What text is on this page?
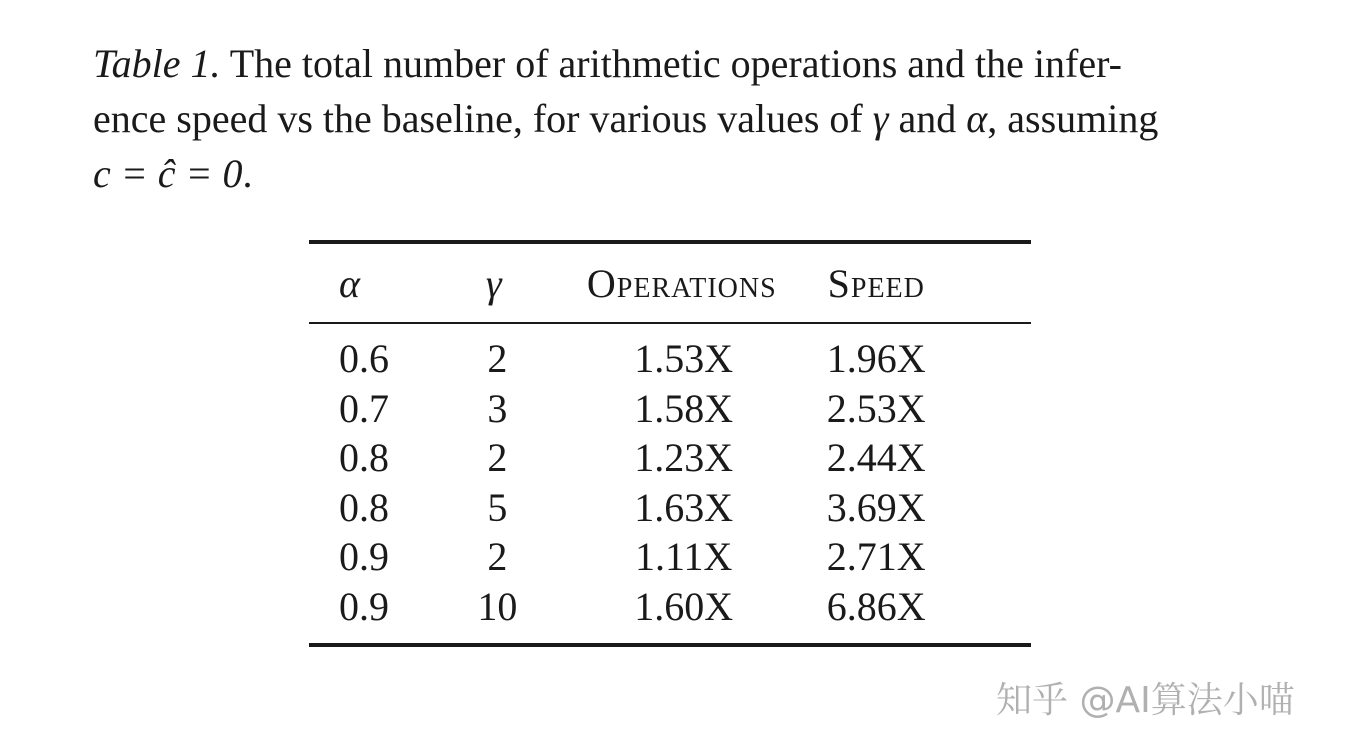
Table 1. The total number of arithmetic operations and the infer-
ence speed vs the baseline, for various values of γ and α, assuming
c = ĉ = 0.
α	γ	Operations	Speed
0.6	2	1.53X	1.96X
0.7	3	1.58X	2.53X
0.8	2	1.23X	2.44X
0.8	5	1.63X	3.69X
0.9	2	1.11X	2.71X
0.9	10	1.60X	6.86X
知乎 @AI算法小喵
